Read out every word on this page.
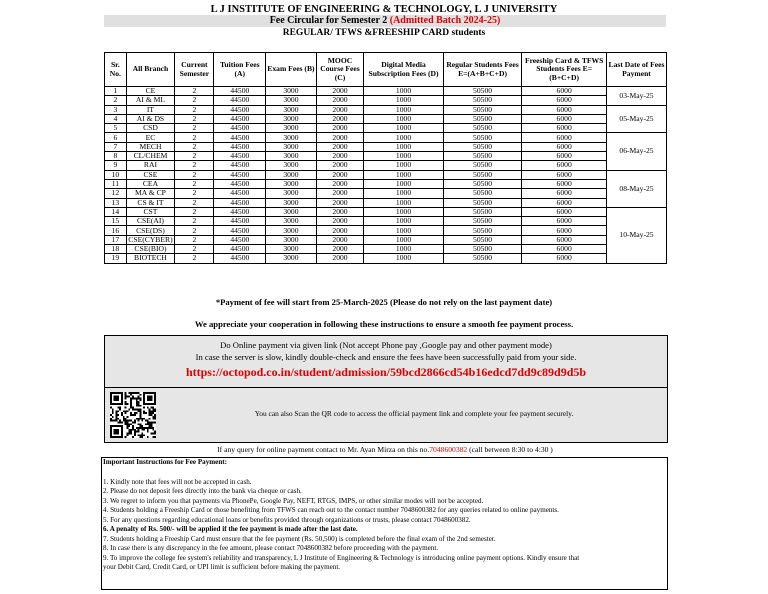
L J INSTITUTE OF ENGINEERING & TECHNOLOGY, L J UNIVERSITY
Fee Circular for Semester 2 (Admitted Batch 2024-25)
REGULAR/ TFWS &FREESHIP CARD students
Sr. No.	All Branch	Current Semester	Tuition Fees (A)	Exam Fees (B)	MOOC Course Fees (C)	Digital Media Subscription Fees (D)	Regular Students Fees E=(A+B+C+D)	Freeship Card & TFWS Students Fees E=(B+C+D)	Last Date of Fees Payment
1	CE	2	44500	3000	2000	1000	50500	6000	03-May-25
2	AI & ML	2	44500	3000	2000	1000	50500	6000	
3	IT	2	44500	3000	2000	1000	50500	6000	05-May-25
4	AI & DS	2	44500	3000	2000	1000	50500	6000	
5	CSD	2	44500	3000	2000	1000	50500	6000	
6	EC	2	44500	3000	2000	1000	50500	6000	06-May-25
7	MECH	2	44500	3000	2000	1000	50500	6000	
8	CL/CHEM	2	44500	3000	2000	1000	50500	6000	
9	RAI	2	44500	3000	2000	1000	50500	6000	
10	CSE	2	44500	3000	2000	1000	50500	6000	08-May-25
11	CEA	2	44500	3000	2000	1000	50500	6000	
12	MA & CP	2	44500	3000	2000	1000	50500	6000	
13	CS & IT	2	44500	3000	2000	1000	50500	6000	
14	CST	2	44500	3000	2000	1000	50500	6000	10-May-25
15	CSE(AI)	2	44500	3000	2000	1000	50500	6000	
16	CSE(DS)	2	44500	3000	2000	1000	50500	6000	
17	CSE(CYBER)	2	44500	3000	2000	1000	50500	6000	
18	CSE(BIO)	2	44500	3000	2000	1000	50500	6000	
19	BIOTECH	2	44500	3000	2000	1000	50500	6000	
*Payment of fee will start from 25-March-2025 (Please do not rely on the last payment date)
We appreciate your cooperation in following these instructions to ensure a smooth fee payment process.
Do Online payment via given link (Not accept Phone pay ,Google pay and other payment mode)
In case the server is slow, kindly double-check and ensure the fees have been successfully paid from your side.
https://octopod.co.in/student/admission/59bcd2866cd54b16edcd7dd9c89d9d5b
You can also Scan the QR code to access the official payment link and complete your fee payment securely.
If any query for online payment contact to Mr. Ayan Mirza on this no.7048600382 (call between 8:30 to 4:30 )
Important Instructions for Fee Payment:
1. Kindly note that fees will not be accepted in cash.
2. Please do not deposit fees directly into the bank via cheque or cash.
3. We regret to inform you that payments via PhonePe, Google Pay, NEFT, RTGS, IMPS, or other similar modes will not be accepted.
4. Students holding a Freeship Card or those benefiting from TFWS can reach out to the contact number 7048600382 for any queries related to online payments.
5. For any questions regarding educational loans or benefits provided through organizations or trusts, please contact 7048600382.
6. A penalty of Rs. 500/- will be applied if the fee payment is made after the last date.
7. Students holding a Freeship Card must ensure that the fee payment (Rs. 50,500) is completed before the final exam of the 2nd semester.
8. In case there is any discrepancy in the fee amount, please contact 7048600382 before proceeding with the payment.
9. To improve the college fee system's reliability and transparency, L J Institute of Engineering & Technology is introducing online payment options. Kindly ensure that
your Debit Card, Credit Card, or UPI limit is sufficient before making the payment.
